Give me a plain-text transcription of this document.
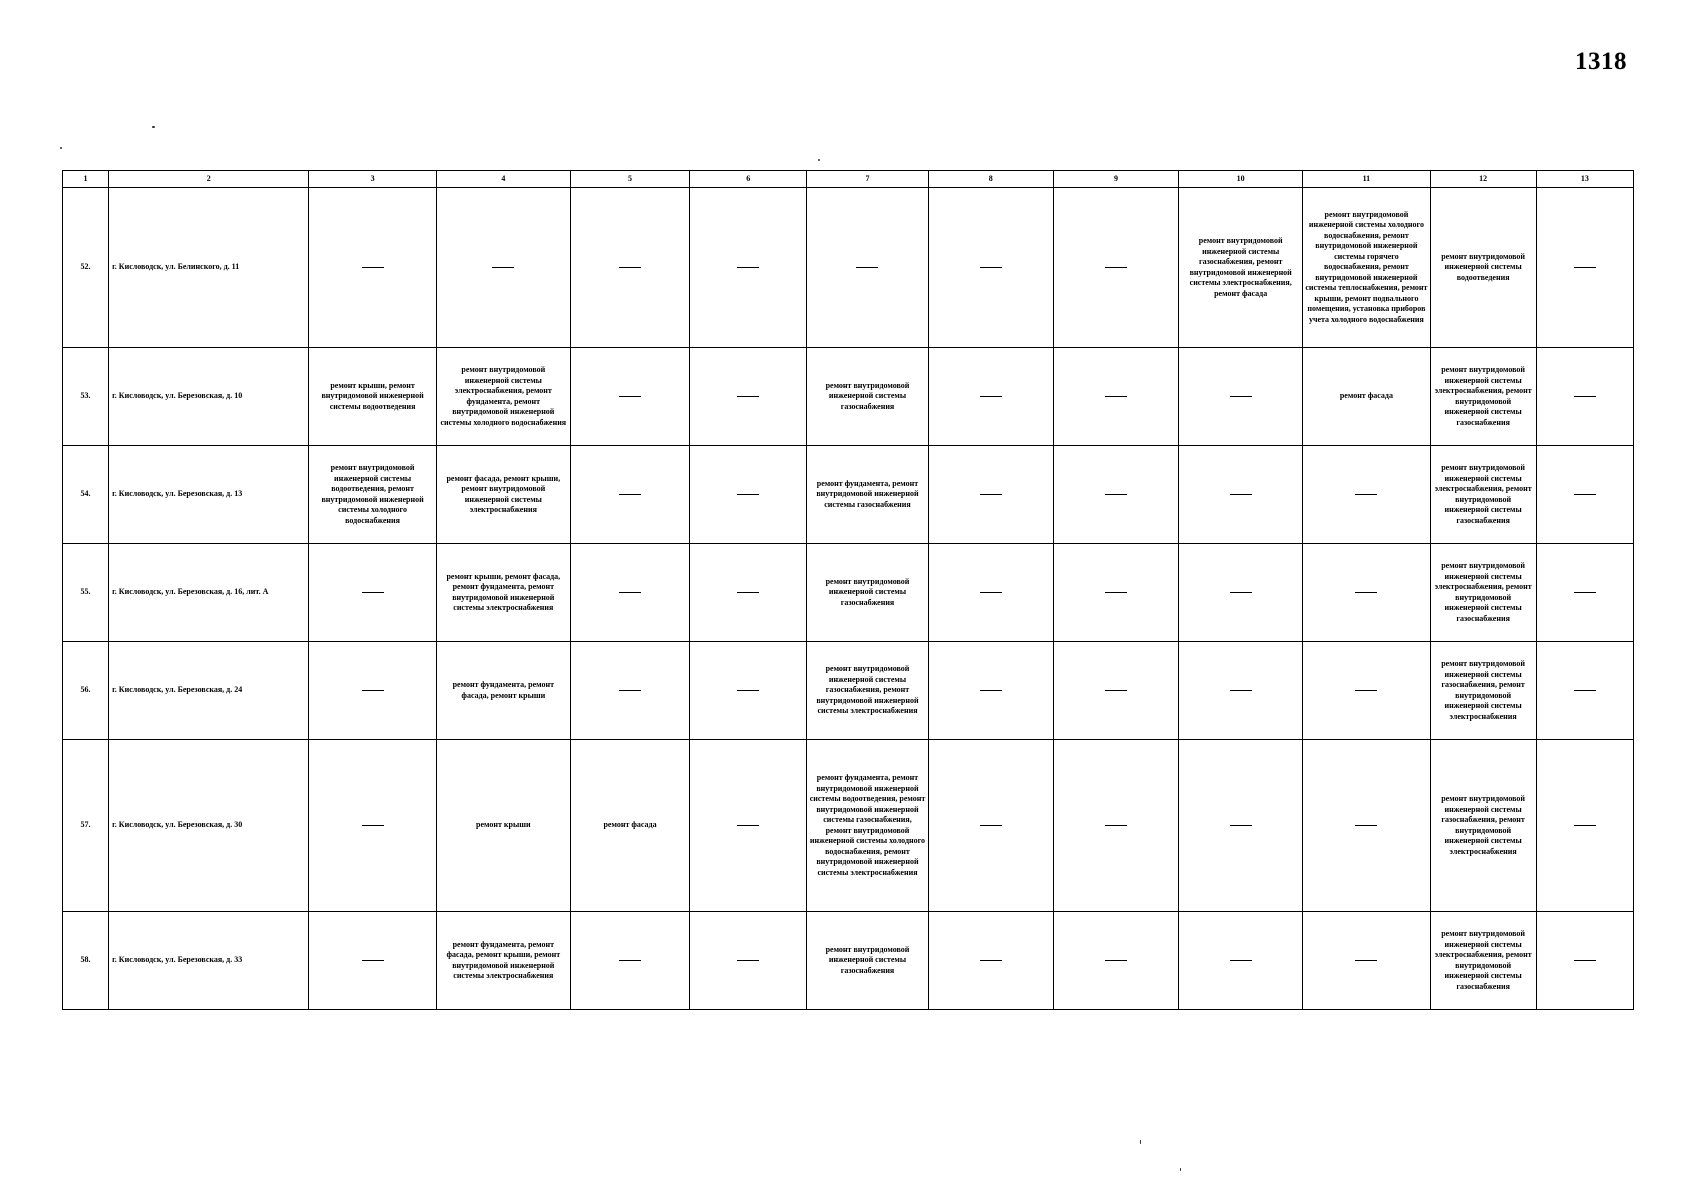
1318
1	2	3	4	5	6	7	8	9	10	11	12	13
52.	г. Кисловодск, ул. Белинского, д. 11								ремонт внутридомовой инженерной системы газоснабжения, ремонт внутридомовой инженерной системы электроснабжения, ремонт фасада	ремонт внутридомовой инженерной системы холодного водоснабжения, ремонт внутридомовой инженерной системы горячего водоснабжения, ремонт внутридомовой инженерной системы теплоснабжения, ремонт крыши, ремонт подвального помещения, установка приборов учета холодного водоснабжения	ремонт внутридомовой инженерной системы водоотведения	
53.	г. Кисловодск, ул. Березовская, д. 10	ремонт крыши, ремонт внутридомовой инженерной системы водоотведения	ремонт внутридомовой инженерной системы электроснабжения, ремонт фундамента, ремонт внутридомовой инженерной системы холодного водоснабжения			ремонт внутридомовой инженерной системы газоснабжения				ремонт фасада	ремонт внутридомовой инженерной системы электроснабжения, ремонт внутридомовой инженерной системы газоснабжения	
54.	г. Кисловодск, ул. Березовская, д. 13	ремонт внутридомовой инженерной системы водоотведения, ремонт внутридомовой инженерной системы холодного водоснабжения	ремонт фасада, ремонт крыши, ремонт внутридомовой инженерной системы электроснабжения			ремонт фундамента, ремонт внутридомовой инженерной системы газоснабжения					ремонт внутридомовой инженерной системы электроснабжения, ремонт внутридомовой инженерной системы газоснабжения	
55.	г. Кисловодск, ул. Березовская, д. 16, лит. А		ремонт крыши, ремонт фасада, ремонт фундамента, ремонт внутридомовой инженерной системы электроснабжения			ремонт внутридомовой инженерной системы газоснабжения					ремонт внутридомовой инженерной системы электроснабжения, ремонт внутридомовой инженерной системы газоснабжения	
56.	г. Кисловодск, ул. Березовская, д. 24		ремонт фундамента, ремонт фасада, ремонт крыши			ремонт внутридомовой инженерной системы газоснабжения, ремонт внутридомовой инженерной системы электроснабжения					ремонт внутридомовой инженерной системы газоснабжения, ремонт внутридомовой инженерной системы электроснабжения	
57.	г. Кисловодск, ул. Березовская, д. 30		ремонт крыши	ремонт фасада		ремонт фундамента, ремонт внутридомовой инженерной системы водоотведения, ремонт внутридомовой инженерной системы газоснабжения, ремонт внутридомовой инженерной системы холодного водоснабжения, ремонт внутридомовой инженерной системы электроснабжения					ремонт внутридомовой инженерной системы газоснабжения, ремонт внутридомовой инженерной системы электроснабжения	
58.	г. Кисловодск, ул. Березовская, д. 33		ремонт фундамента, ремонт фасада, ремонт крыши, ремонт внутридомовой инженерной системы электроснабжения			ремонт внутридомовой инженерной системы газоснабжения					ремонт внутридомовой инженерной системы электроснабжения, ремонт внутридомовой инженерной системы газоснабжения	
